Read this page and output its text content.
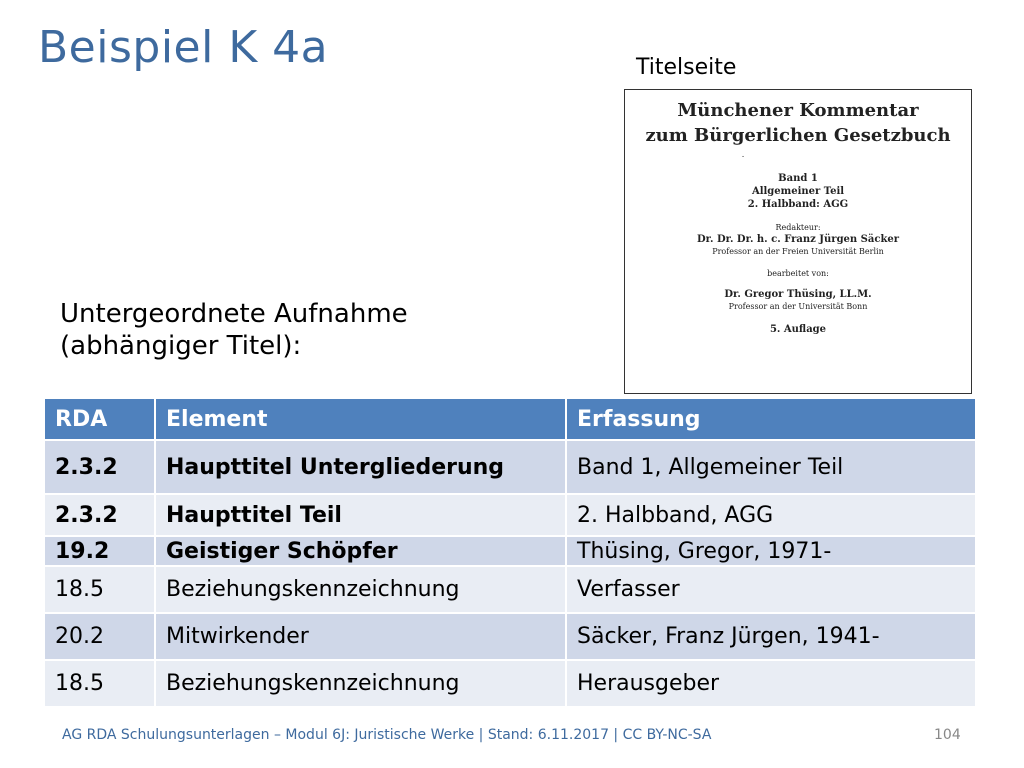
Beispiel K 4a	Titelseite
Münchener Kommentar
zum Bürgerlichen Gesetzbuch
.
Band 1
Allgemeiner Teil
2. Halbband: AGG
Redakteur:
Dr. Dr. Dr. h. c. Franz Jürgen Säcker
Professor an der Freien Universität Berlin
bearbeitet von:
Dr. Gregor Thüsing, LL.M.
Professor an der Universität Bonn
5. Auflage
Untergeordnete Aufnahme
(abhängiger Titel):
RDA	Element	Erfassung
2.3.2	Haupttitel Untergliederung	Band 1, Allgemeiner Teil
2.3.2	Haupttitel Teil	2. Halbband, AGG
19.2	Geistiger Schöpfer	Thüsing, Gregor, 1971-
18.5	Beziehungskennzeichnung	Verfasser
20.2	Mitwirkender	Säcker, Franz Jürgen, 1941-
18.5	Beziehungskennzeichnung	Herausgeber
AG RDA Schulungsunterlagen – Modul 6J: Juristische Werke | Stand: 6.11.2017 | CC BY-NC-SA	104
